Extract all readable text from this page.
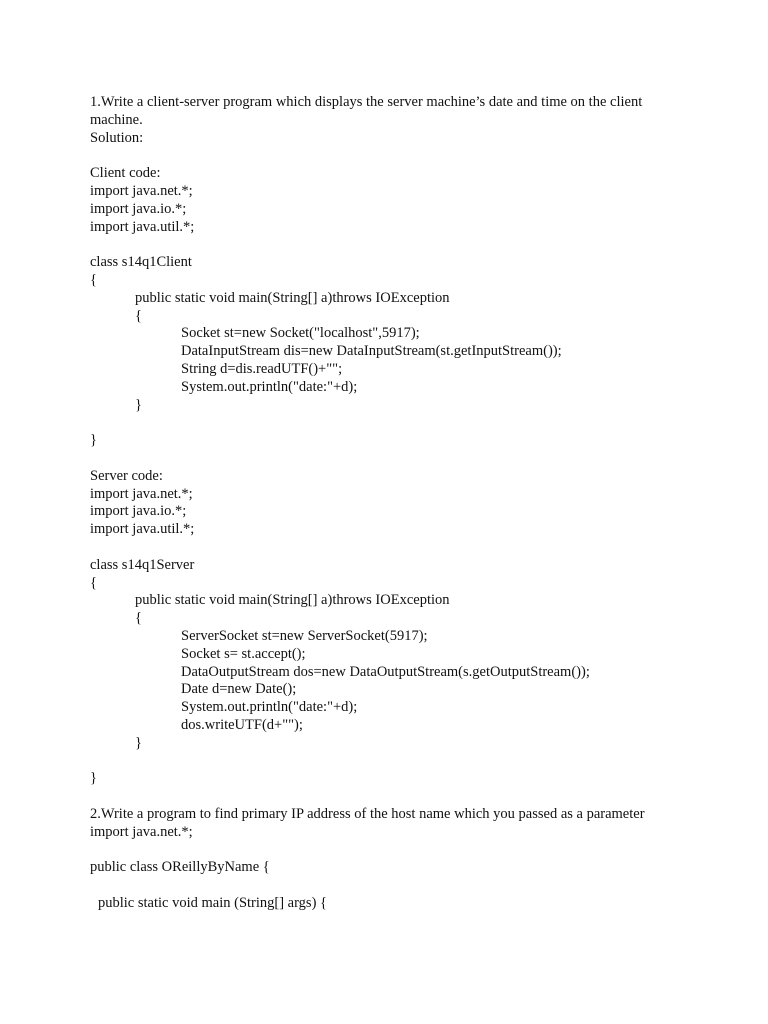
1.Write a client-server program which displays the server machine’s date and time on the client machine.
Solution:
Client code:
import java.net.*;
import java.io.*;
import java.util.*;
class s14q1Client
{
public static void main(String[] a)throws IOException
{
Socket st=new Socket("localhost",5917);
DataInputStream dis=new DataInputStream(st.getInputStream());
String d=dis.readUTF()+"";
System.out.println("date:"+d);
}
}
Server code:
import java.net.*;
import java.io.*;
import java.util.*;
class s14q1Server
{
public static void main(String[] a)throws IOException
{
ServerSocket st=new ServerSocket(5917);
Socket s= st.accept();
DataOutputStream dos=new DataOutputStream(s.getOutputStream());
Date d=new Date();
System.out.println("date:"+d);
dos.writeUTF(d+"");
}
}
2.Write a program to find primary IP address of the host name which you passed as a parameter
import java.net.*;
public class OReillyByName {
public static void main (String[] args) {
